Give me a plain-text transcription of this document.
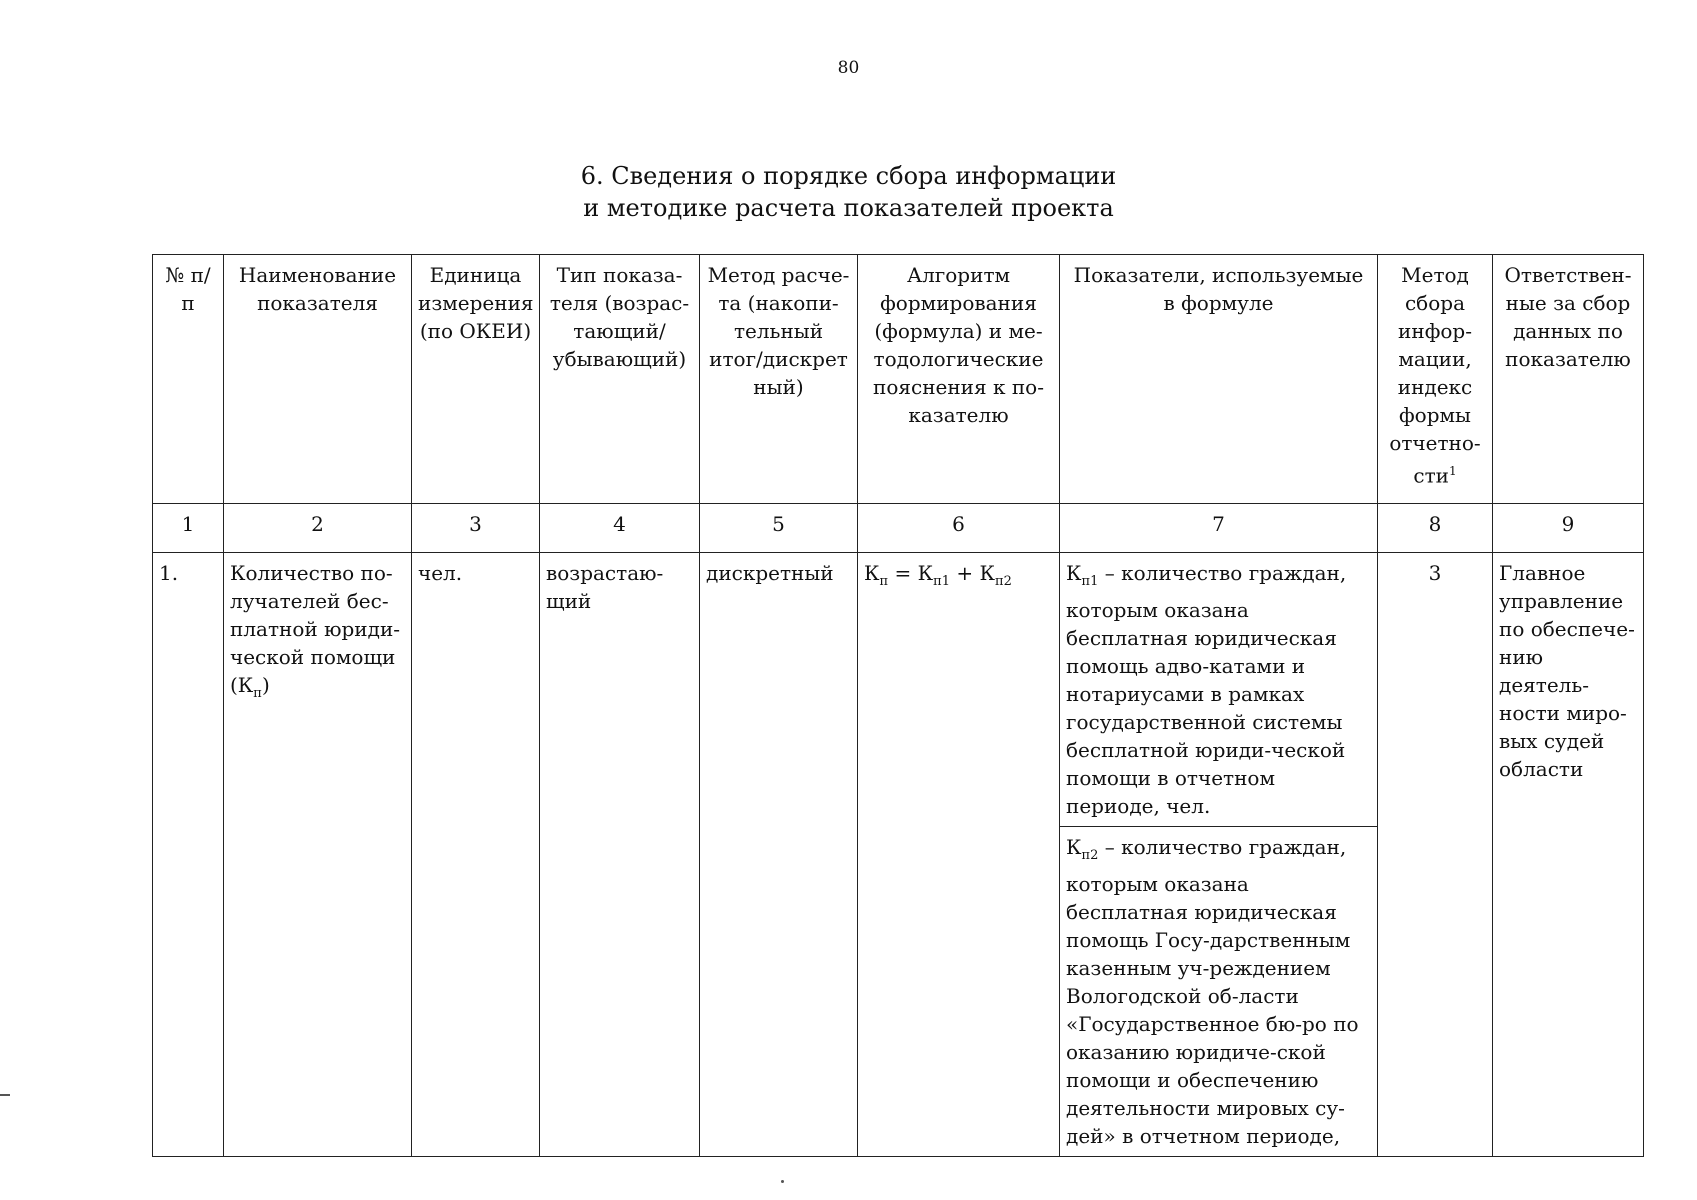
80
6. Сведения о порядке сбора информации
и методике расчета показателей проекта
№ п/п	Наименование показателя	Единица измерения (по ОКЕИ)	Тип показа-теля (возрас-тающий/ убывающий)	Метод расче-та (накопи-тельный итог/дискрет ный)	Алгоритм формирования (формула) и ме-тодологические пояснения к по-казателю	Показатели, используемые в формуле	Метод сбора инфор-мации, индекс формы отчетно-сти$^1$	Ответствен-ные за сбор данных по показателю
1	2	3	4	5	6	7	8	9
1.	Количество по-лучателей бес-платной юриди-ческой помощи $(К_п)$	чел.	возрастаю-щий	дискретный	$К_п = К_{п1} + К_{п2}$	$К_{п1}$ – количество граждан, которым оказана бесплатная юридическая помощь адво-катами и нотариусами в рамках государственной системы бесплатной юриди-ческой помощи в отчетном периоде, чел.	3	Главное управление по обеспече-нию деятель-ности миро-вых судей области
						$К_{п2}$ – количество граждан, которым оказана бесплатная юридическая помощь Госу-дарственным казенным уч-реждением Вологодской об-ласти «Государственное бю-ро по оказанию юридиче-ской помощи и обеспечению деятельности мировых су-дей» в отчетном периоде,		
